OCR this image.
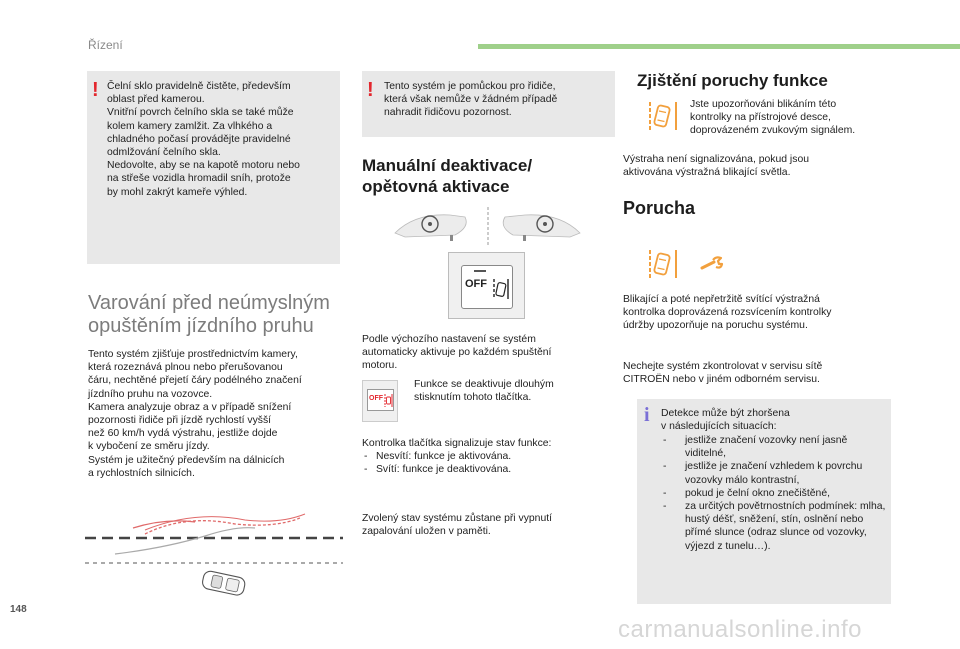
Řízení
! Čelní sklo pravidelně čistěte, především
oblast před kamerou.
Vnitřní povrch čelního skla se také může
kolem kamery zamlžit. Za vlhkého a
chladného počasí provádějte pravidelné
odmlžování čelního skla.
Nedovolte, aby se na kapotě motoru nebo
na střeše vozidla hromadil sníh, protože
by mohl zakrýt kameře výhled.
Varování před neúmyslným
opuštěním jízdního pruhu
Tento systém zjišťuje prostřednictvím kamery,
která rozeznává plnou nebo přerušovanou
čáru, nechtěné přejetí čáry podélného značení
jízdního pruhu na vozovce.
Kamera analyzuje obraz a v případě snížení
pozornosti řidiče při jízdě rychlostí vyšší
než 60 km/h vydá výstrahu, jestliže dojde
k vybočení ze směru jízdy.
Systém je užitečný především na dálnicích
a rychlostních silnicích.
! Tento systém je pomůckou pro řidiče,
která však nemůže v žádném případě
nahradit řidičovu pozornost.
Manuální deaktivace/
opětovná aktivace
OFF
Podle výchozího nastavení se systém
automaticky aktivuje po každém spuštění
motoru.
OFF
Funkce se deaktivuje dlouhým
stisknutím tohoto tlačítka.
Kontrolka tlačítka signalizuje stav funkce:
- Nesvítí: funkce je aktivována.
- Svítí: funkce je deaktivována.
Zvolený stav systému zůstane při vypnutí
zapalování uložen v paměti.
Zjištění poruchy funkce
Jste upozorňováni blikáním této
kontrolky na přístrojové desce,
doprovázeném zvukovým signálem.
Výstraha není signalizována, pokud jsou
aktivována výstražná blikající světla.
Porucha
Blikající a poté nepřetržitě svítící výstražná
kontrolka doprovázená rozsvícením kontrolky
údržby upozorňuje na poruchu systému.
Nechejte systém zkontrolovat v servisu sítě
CITROËN nebo v jiném odborném servisu.
i Detekce může být zhoršena
v následujících situacích:
- jestliže značení vozovky není jasně viditelné,
- jestliže je značení vzhledem k povrchu vozovky málo kontrastní,
- pokud je čelní okno znečištěné,
- za určitých povětrnostních podmínek: mlha, hustý déšť, sněžení, stín, oslnění nebo přímé slunce (odraz slunce od vozovky, výjezd z tunelu…).
148
carmanualsonline.info
